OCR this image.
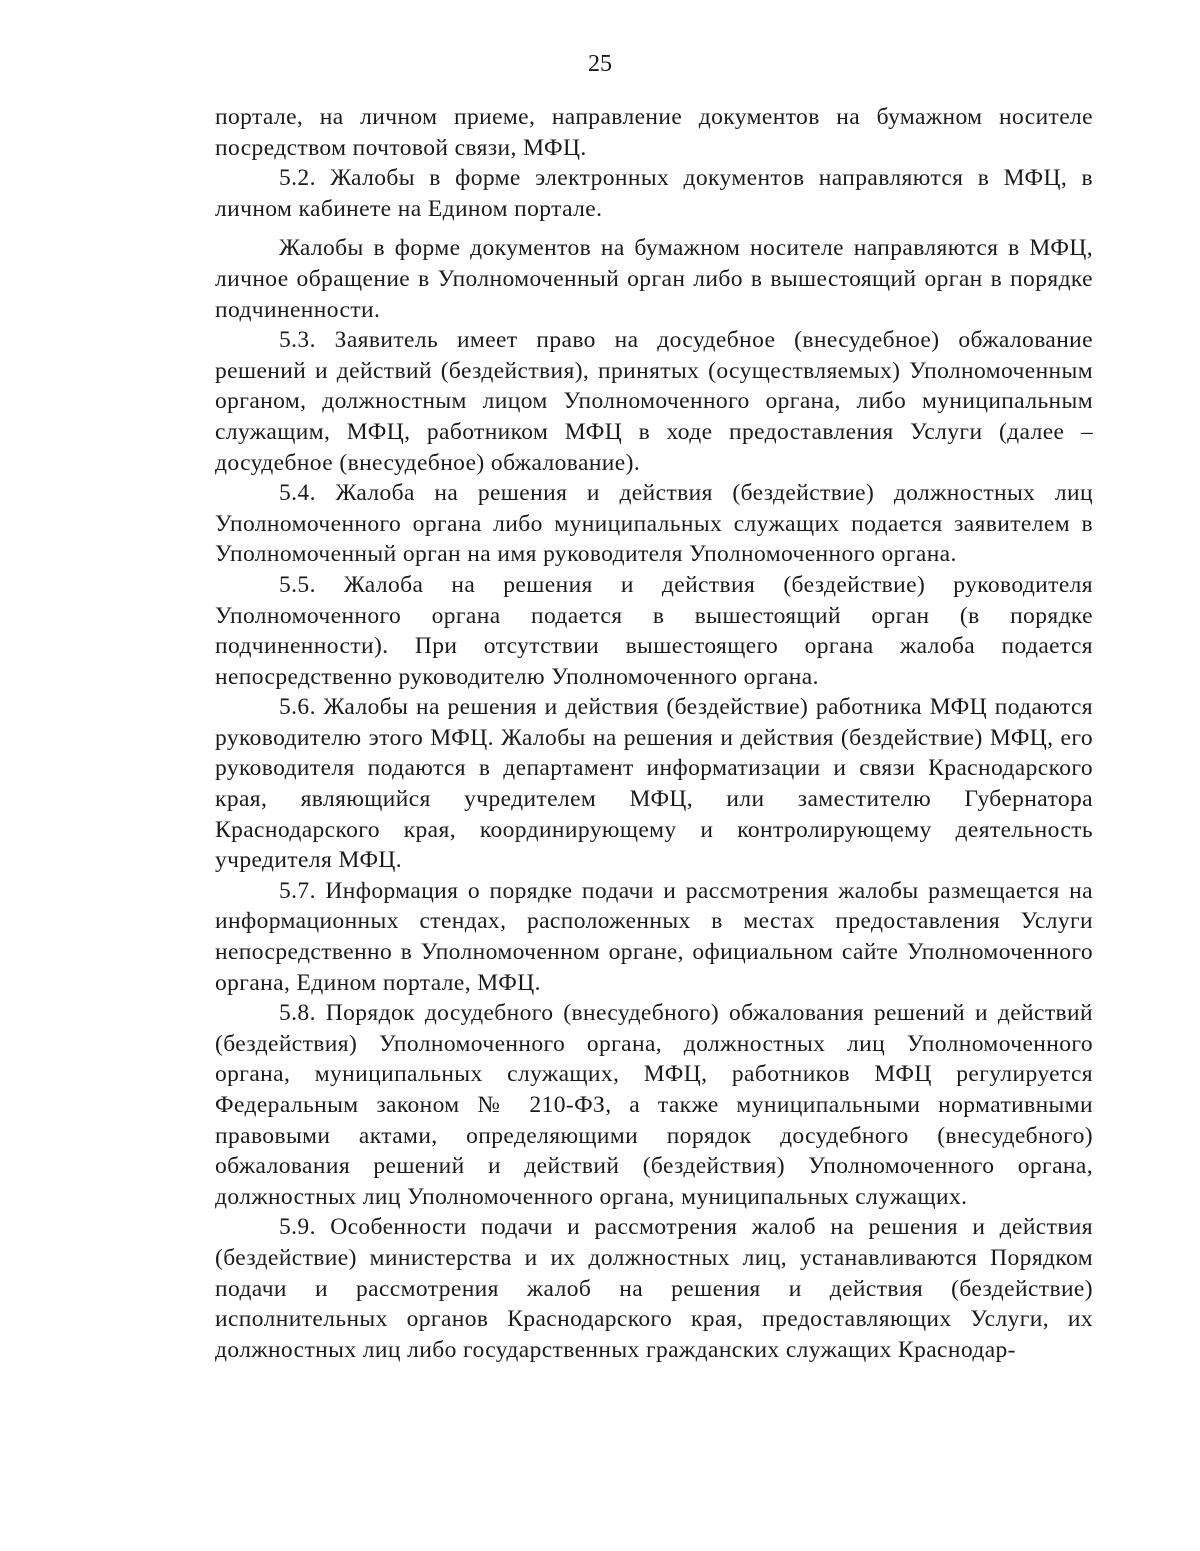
25

портале, на личном приеме, направление документов на бумажном носителе посредством почтовой связи, МФЦ.

5.2. Жалобы в форме электронных документов направляются в МФЦ, в личном кабинете на Едином портале.

Жалобы в форме документов на бумажном носителе направляются в МФЦ, личное обращение в Уполномоченный орган либо в вышестоящий орган в порядке подчиненности.

5.3. Заявитель имеет право на досудебное (внесудебное) обжалование решений и действий (бездействия), принятых (осуществляемых) Уполномоченным органом, должностным лицом Уполномоченного органа, либо муниципальным служащим, МФЦ, работником МФЦ в ходе предоставления Услуги (далее – досудебное (внесудебное) обжалование).

5.4. Жалоба на решения и действия (бездействие) должностных лиц Уполномоченного органа либо муниципальных служащих подается заявителем в Уполномоченный орган на имя руководителя Уполномоченного органа.

5.5. Жалоба на решения и действия (бездействие) руководителя Уполномоченного органа подается в вышестоящий орган (в порядке подчиненности). При отсутствии вышестоящего органа жалоба подается непосредственно руководителю Уполномоченного органа.

5.6. Жалобы на решения и действия (бездействие) работника МФЦ подаются руководителю этого МФЦ. Жалобы на решения и действия (бездействие) МФЦ, его руководителя подаются в департамент информатизации и связи Краснодарского края, являющийся учредителем МФЦ, или заместителю Губернатора Краснодарского края, координирующему и контролирующему деятельность учредителя МФЦ.

5.7. Информация о порядке подачи и рассмотрения жалобы размещается на информационных стендах, расположенных в местах предоставления Услуги непосредственно в Уполномоченном органе, официальном сайте Уполномоченного органа, Едином портале, МФЦ.

5.8. Порядок досудебного (внесудебного) обжалования решений и действий (бездействия) Уполномоченного органа, должностных лиц Уполномоченного органа, муниципальных служащих, МФЦ, работников МФЦ регулируется Федеральным законом № 210-ФЗ, а также муниципальными нормативными правовыми актами, определяющими порядок досудебного (внесудебного) обжалования решений и действий (бездействия) Уполномоченного органа, должностных лиц Уполномоченного органа, муниципальных служащих.

5.9. Особенности подачи и рассмотрения жалоб на решения и действия (бездействие) министерства и их должностных лиц, устанавливаются Порядком подачи и рассмотрения жалоб на решения и действия (бездействие) исполнительных органов Краснодарского края, предоставляющих Услуги, их должностных лиц либо государственных гражданских служащих Краснодар-
